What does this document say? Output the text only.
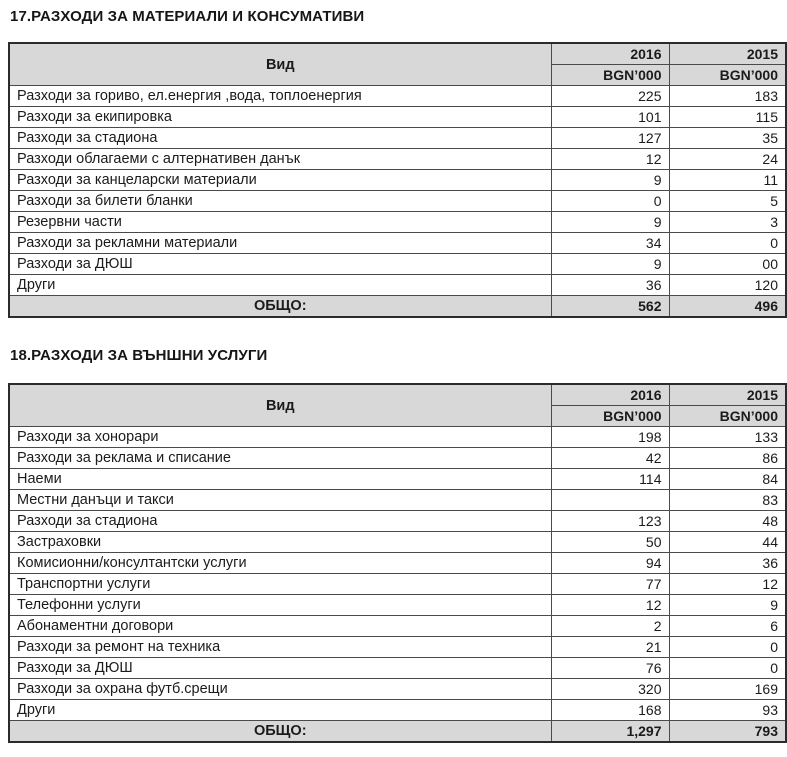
17.РАЗХОДИ ЗА МАТЕРИАЛИ И КОНСУМАТИВИ
Вид	2016	2015
	BGN’000	BGN’000
Разходи за гориво, ел.енергия ,вода, топлоенергия	225	183
Разходи за екипировка	101	115
Разходи за стадиона	127	35
Разходи облагаеми с алтернативен данък	12	24
Разходи за канцеларски материали	9	11
Разходи за билети бланки	0	5
Резервни части	9	3
Разходи за рекламни материали	34	0
Разходи за ДЮШ	9	00
Други	36	120
ОБЩО:	562	496
18.РАЗХОДИ ЗА ВЪНШНИ УСЛУГИ
Вид	2016	2015
	BGN’000	BGN’000
Разходи за хонорари	198	133
Разходи за реклама и списание	42	86
Наеми	114	84
Местни данъци и такси		83
Разходи за стадиона	123	48
Застраховки	50	44
Комисионни/консултантски услуги	94	36
Транспортни услуги	77	12
Телефонни услуги	12	9
Абонаментни договори	2	6
Разходи за ремонт на техника	21	0
Разходи за ДЮШ	76	0
Разходи за охрана футб.срещи	320	169
Други	168	93
ОБЩО:	1,297	793
